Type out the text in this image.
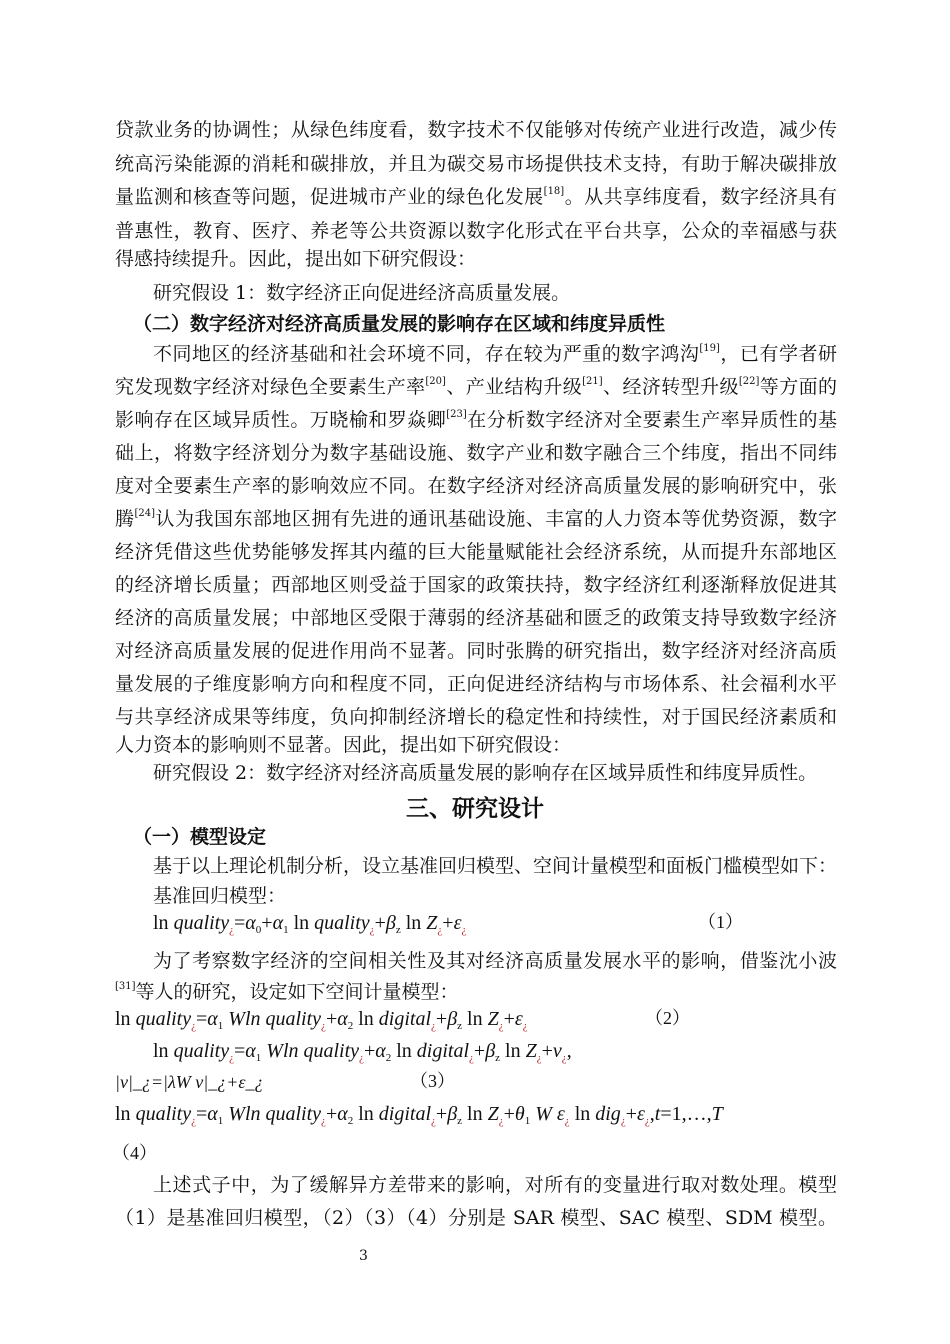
三、研究设计
（4）
3
贷款业务的协调性；从绿色纬度看，数字技术不仅能够对传统产业进行改造，减少传
统高污染能源的消耗和碳排放，并且为碳交易市场提供技术支持，有助于解决碳排放
量监测和核查等问题，促进城市产业的绿色化发展[18]。从共享纬度看，数字经济具有
普惠性，教育、医疗、养老等公共资源以数字化形式在平台共享，公众的幸福感与获
得感持续提升。因此，提出如下研究假设：
研究假设 1：数字经济正向促进经济高质量发展。
（二）数字经济对经济高质量发展的影响存在区域和纬度异质性
不同地区的经济基础和社会环境不同，存在较为严重的数字鸿沟[19]，已有学者研
究发现数字经济对绿色全要素生产率[20]、产业结构升级[21]、经济转型升级[22]等方面的
影响存在区域异质性。万晓榆和罗焱卿[23]在分析数字经济对全要素生产率异质性的基
础上，将数字经济划分为数字基础设施、数字产业和数字融合三个纬度，指出不同纬
度对全要素生产率的影响效应不同。在数字经济对经济高质量发展的影响研究中，张
腾[24]认为我国东部地区拥有先进的通讯基础设施、丰富的人力资本等优势资源，数字
经济凭借这些优势能够发挥其内蕴的巨大能量赋能社会经济系统，从而提升东部地区
的经济增长质量；西部地区则受益于国家的政策扶持，数字经济红利逐渐释放促进其
经济的高质量发展；中部地区受限于薄弱的经济基础和匮乏的政策支持导致数字经济
对经济高质量发展的促进作用尚不显著。同时张腾的研究指出，数字经济对经济高质
量发展的子维度影响方向和程度不同，正向促进经济结构与市场体系、社会福利水平
与共享经济成果等纬度，负向抑制经济增长的稳定性和持续性，对于国民经济素质和
人力资本的影响则不显著。因此，提出如下研究假设：
研究假设 2：数字经济对经济高质量发展的影响存在区域异质性和纬度异质性。
（一）模型设定
基于以上理论机制分析，设立基准回归模型、空间计量模型和面板门槛模型如下：
基准回归模型：
为了考察数字经济的空间相关性及其对经济高质量发展水平的影响，借鉴沈小波
[31]等人的研究，设定如下空间计量模型：
上述式子中，为了缓解异方差带来的影响，对所有的变量进行取对数处理。模型
（1）是基准回归模型，（2）（3）（4）分别是 SAR 模型、SAC 模型、SDM 模型。
$\ln quality_¿=\alpha_0+\alpha_1$ $\ln quality_¿+\beta_z$ $\ln Z_¿+\varepsilon_¿$	（1）
$\ln quality_¿=\alpha_1$ Wln $quality_¿+\alpha_2$ $\ln digital_¿+\beta_z$ $\ln Z_¿+\varepsilon_¿$	（2）
$\ln quality_¿=\alpha_1$ Wln $quality_¿+\alpha_2$ $\ln digital_¿+\beta_z$ $\ln Z_¿+v_¿$,
|v|_¿=|λW v|_¿+ε_¿	（3）
$\ln quality_¿=\alpha_1$ Wln $quality_¿+\alpha_2$ $\ln digital_¿+\beta_z$ $\ln Z_¿+\theta_1$ W $\varepsilon_¿$ $\ln dig_¿+\varepsilon_¿,t=1,\dots,T$
